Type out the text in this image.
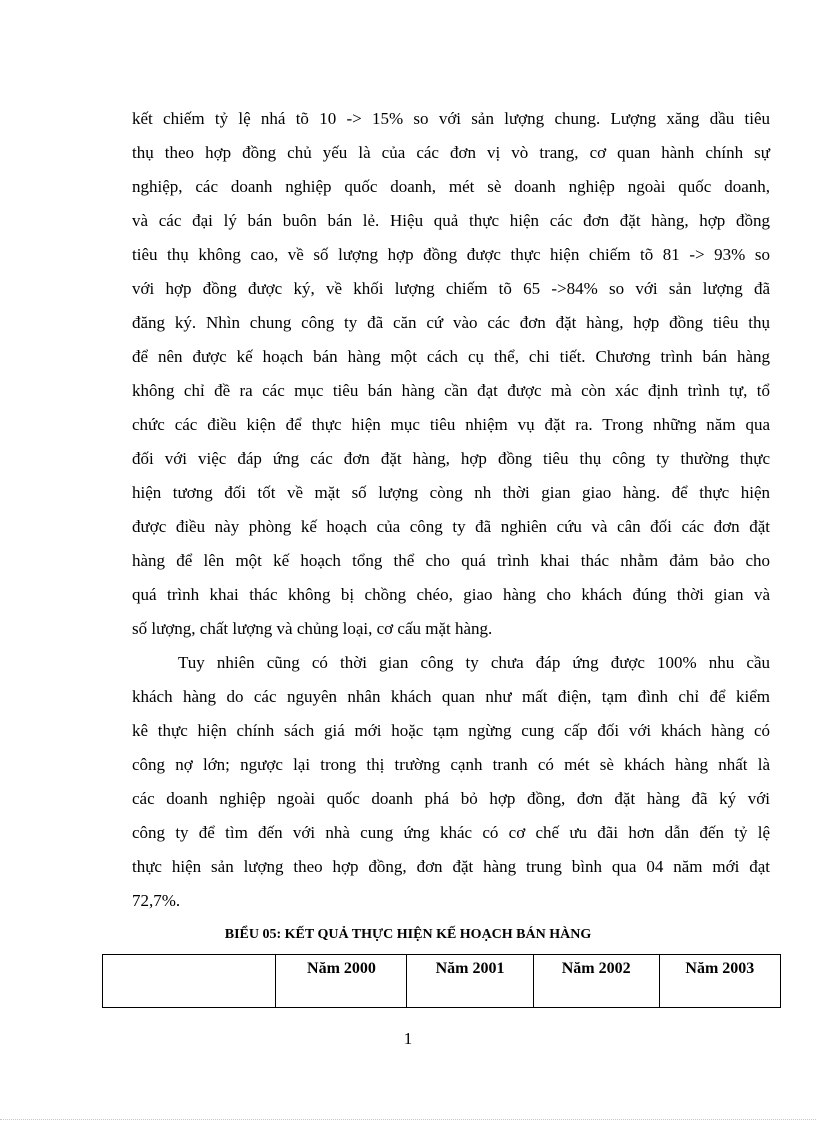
kết chiếm tỷ lệ nhá tõ 10 -> 15% so với sản lượng chung. Lượng xăng dầu tiêu
thụ theo hợp đồng chủ yếu là của các đơn vị vò trang, cơ quan hành chính sự
nghiệp, các doanh nghiệp quốc doanh, mét sè doanh nghiệp ngoài quốc doanh,
và các đại lý bán buôn bán lẻ. Hiệu quả thực hiện các đơn đặt hàng, hợp đồng
tiêu thụ không cao, về số lượng hợp đồng được thực hiện chiếm tõ 81 -> 93% so
với hợp đồng được ký, về khối lượng chiếm tõ 65 ->84% so với sản lượng đã
đăng ký. Nhìn chung công ty đã căn cứ vào các đơn đặt hàng, hợp đồng tiêu thụ
để nên được kế hoạch bán hàng một cách cụ thể, chi tiết. Chương trình bán hàng
không chỉ đề ra các mục tiêu bán hàng cần đạt được mà còn xác định trình tự, tổ
chức các điều kiện để thực hiện mục tiêu nhiệm vụ đặt ra. Trong những năm qua
đối với việc đáp ứng các đơn đặt hàng, hợp đồng tiêu thụ công ty thường thực
hiện tương đối tốt về mặt số lượng còng nh thời gian giao hàng. để thực hiện
được điều này phòng kế hoạch của công ty đã nghiên cứu và cân đối các đơn đặt
hàng để lên một kế hoạch tổng thể cho quá trình khai thác nhằm đảm bảo cho
quá trình khai thác không bị chồng chéo, giao hàng cho khách đúng thời gian và
số lượng, chất lượng và chủng loại, cơ cấu mặt hàng.
Tuy nhiên cũng có thời gian công ty chưa đáp ứng được 100% nhu cầu
khách hàng do các nguyên nhân khách quan như mất điện, tạm đình chỉ để kiểm
kê thực hiện chính sách giá mới hoặc tạm ngừng cung cấp đối với khách hàng có
công nợ lớn; ngược lại trong thị trường cạnh tranh có mét sè khách hàng nhất là
các doanh nghiệp ngoài quốc doanh phá bỏ hợp đồng, đơn đặt hàng đã ký với
công ty để tìm đến với nhà cung ứng khác có cơ chế ưu đãi hơn dẫn đến tỷ lệ
thực hiện sản lượng theo hợp đồng, đơn đặt hàng trung bình qua 04 năm mới đạt
72,7%.
BIỂU 05: KẾT QUẢ THỰC HIỆN KẾ HOẠCH BÁN HÀNG
	Năm 2000	Năm 2001	Năm 2002	Năm 2003
1
